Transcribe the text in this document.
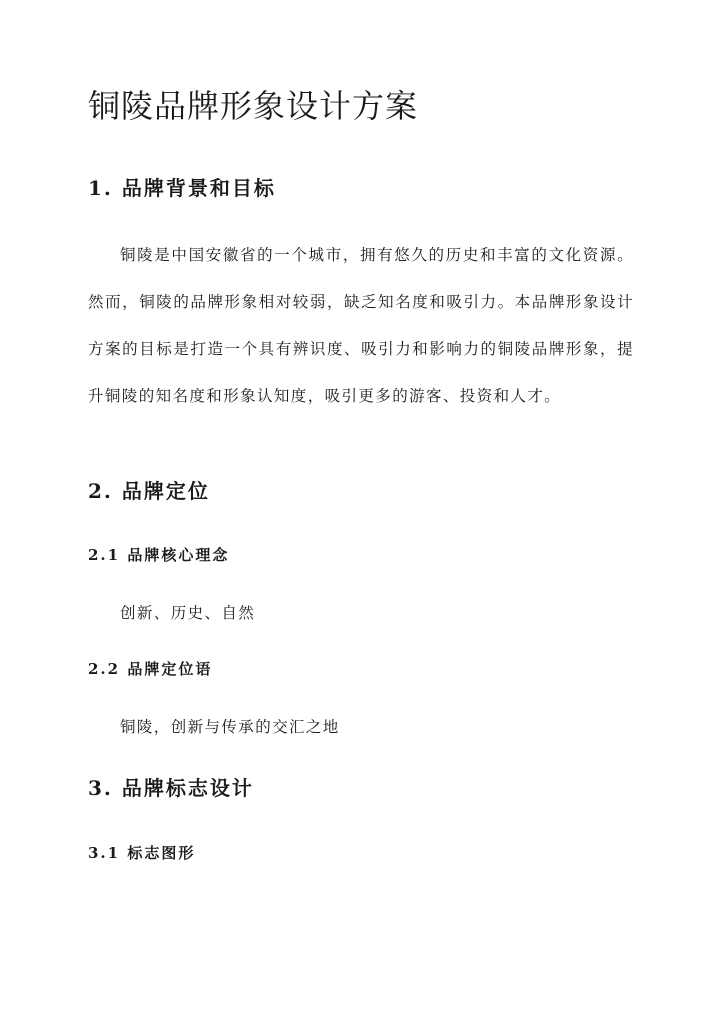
铜陵品牌形象设计方案
1. 品牌背景和目标

铜陵是中国安徽省的一个城市，拥有悠久的历史和丰富的文化资源。然而，铜陵的品牌形象相对较弱，缺乏知名度和吸引力。本品牌形象设计方案的目标是打造一个具有辨识度、吸引力和影响力的铜陵品牌形象，提升铜陵的知名度和形象认知度，吸引更多的游客、投资和人才。

2. 品牌定位
2.1 品牌核心理念

创新、历史、自然

2.2 品牌定位语

铜陵，创新与传承的交汇之地

3. 品牌标志设计
3.1 标志图形
